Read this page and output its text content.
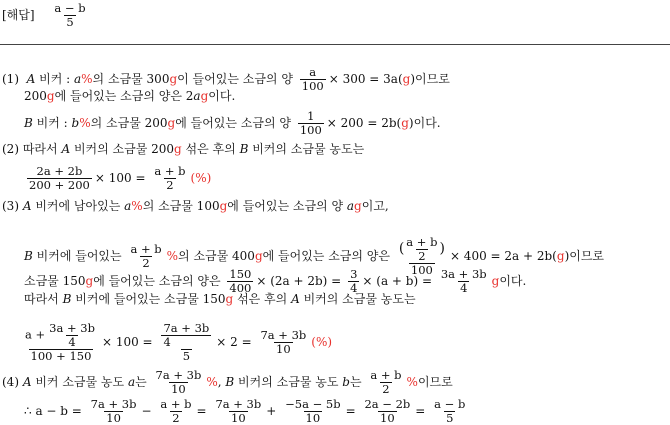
[해답] $\frac{a - b}{5}$
(1)  A 비커 : a%의 소금물 300g이 들어있는 소금의 양 $\frac{a}{100} \times 300 = 3a(g)$이므로
200g에 들어있는 소금의 양은 2ag이다.
B 비커 : b%의 소금물 200g에 들어있는 소금의 양 $\frac{1}{100} \times 200 = 2b(g)$이다.
(2) 따라서 A 비커의 소금물 200g 섞은 후의 B 비커의 소금물 농도는
$\frac{2a + 2b}{200 + 200} \times 100 = \frac{a + b}{2}$ (%)
(3) A 비커에 남아있는 a%의 소금물 100g에 들어있는 소금의 양 ag이고,
B 비커에 들어있는 $\frac{a + b}{2}$ %의 소금물 400g에 들어있는 소금의 양은 $\frac{( \frac{a + b}{2} )}{100} \times 400 = 2a + 2b(g)$이므로
소금물 150g에 들어있는 소금의 양은 $\frac{150}{400} \times (2a + 2b) = \frac{3}{4} \times (a + b) = \frac{3a + 3b}{4}$ g이다.
따라서 B 비커에 들어있는 소금물 150g 섞은 후의 A 비커의 소금물 농도는
$\frac{a + \frac{3a + 3b}{4}}{100 + 150} \times 100 = 7a + 3b$
4
$5 \times 2 = \frac{7a + 3b}{10}$ (%)
(4) A 비커 소금물 농도 a는 $\frac{7a + 3b}{10}$ %, B 비커의 소금물 농도 b는 $\frac{a + b}{2}$ %이므로
∴ $a - b = \frac{7a + 3b}{10} - \frac{a + b}{2} = \frac{7a + 3b}{10} + \frac{-5a - 5b}{10} = \frac{2a - 2b}{10} = \frac{a - b}{5}$
